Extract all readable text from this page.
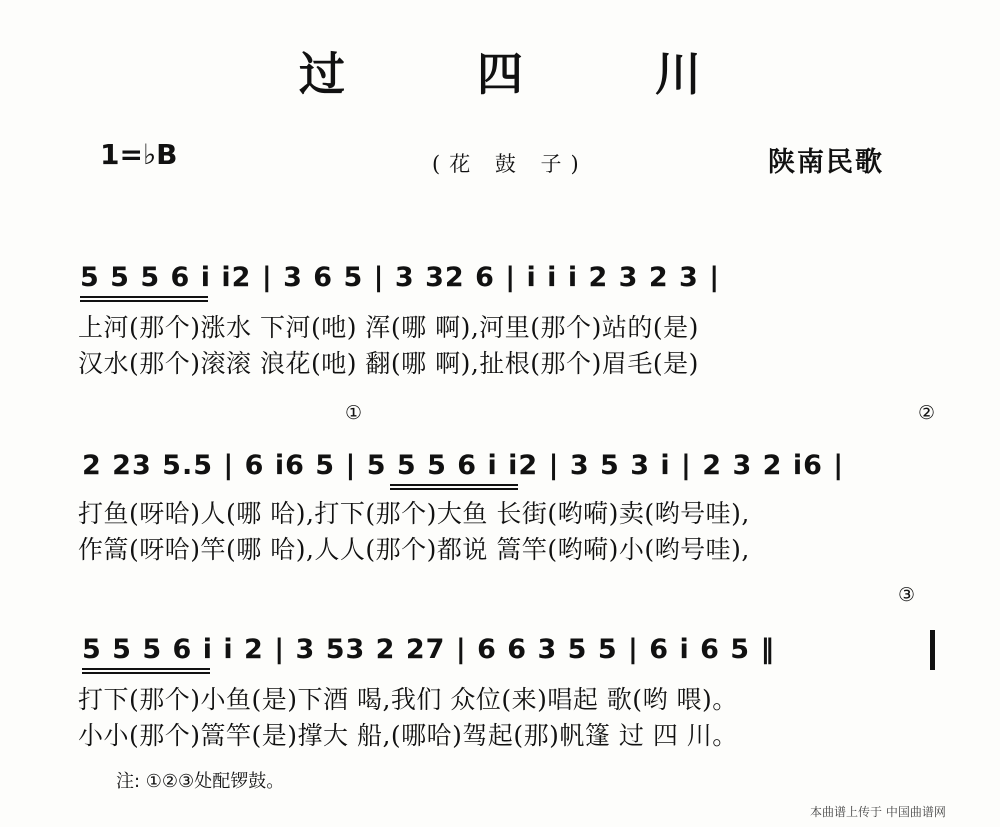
过 四 川
1=♭B	(花 鼓 子)	陕南民歌
5 5 5 6 i i2 | 3 6 5 | 3 32 6 | i i i 2 3 2 3 |
上河(那个)涨水 下河(吔) 浑(哪 啊),河里(那个)站的(是)
汉水(那个)滚滚 浪花(吔) 翻(哪 啊),扯根(那个)眉毛(是)
①	②
2 23 5.5 | 6 i6 5 | 5 5 5 6 i i2 | 3 5 3 i | 2 3 2 i6 |
打鱼(呀哈)人(哪 哈),打下(那个)大鱼 长街(哟嗬)卖(哟号哇),
作篙(呀哈)竿(哪 哈),人人(那个)都说 篙竿(哟嗬)小(哟号哇),
③
5 5 5 6 i i 2 | 3 53 2 27 | 6 6 3 5 5 | 6 i 6 5 ‖
打下(那个)小鱼(是)下酒 喝,我们 众位(来)唱起 歌(哟 喂)。
小小(那个)篙竿(是)撑大 船,(哪哈)驾起(那)帆篷 过 四 川。
注: ①②③处配锣鼓。
本曲谱上传于 中国曲谱网
